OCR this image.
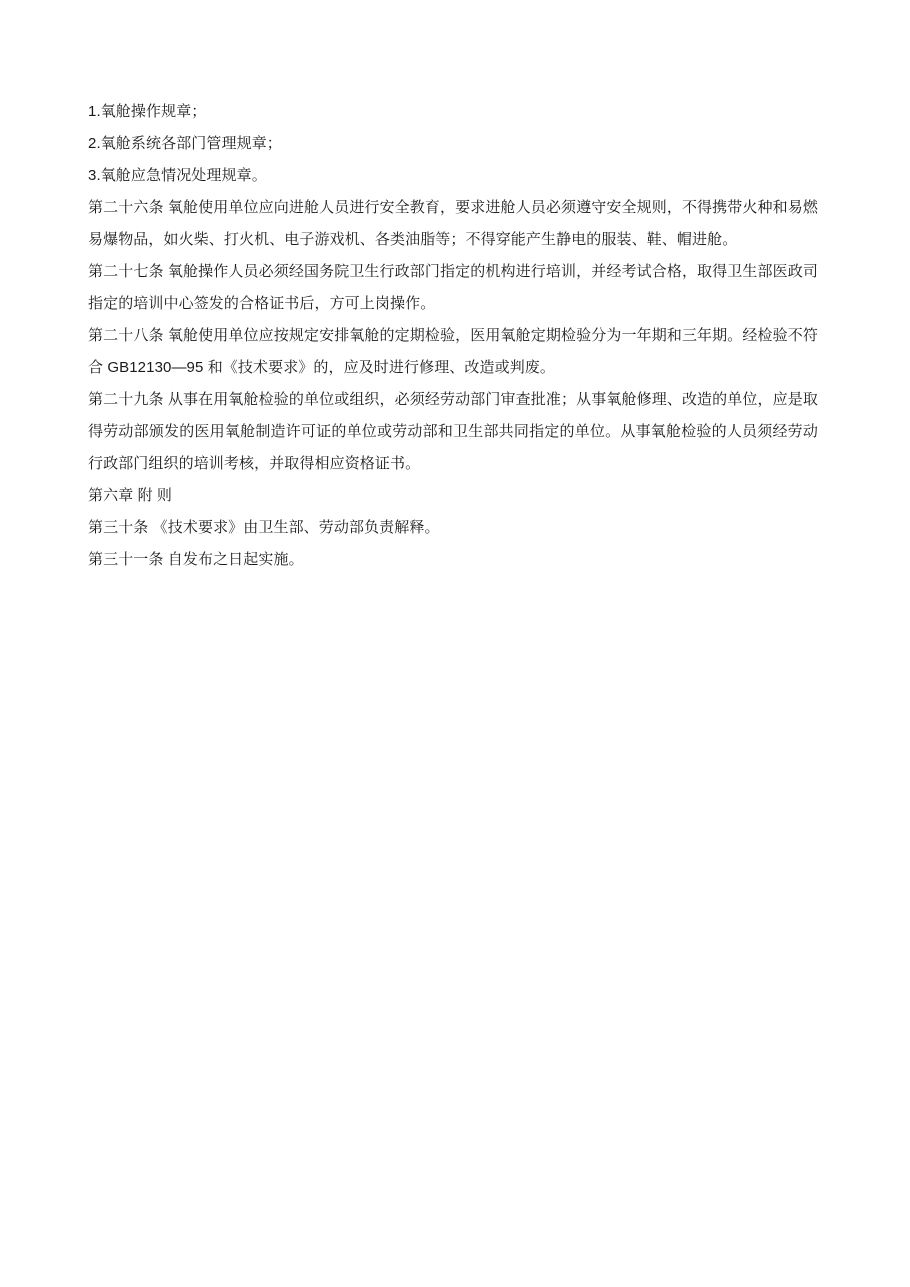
1.氧舱操作规章；

2.氧舱系统各部门管理规章；

3.氧舱应急情况处理规章。

第二十六条 氧舱使用单位应向进舱人员进行安全教育，要求进舱人员必须遵守安全规则，不得携带火种和易燃易爆物品，如火柴、打火机、电子游戏机、各类油脂等；不得穿能产生静电的服装、鞋、帽进舱。

第二十七条 氧舱操作人员必须经国务院卫生行政部门指定的机构进行培训，并经考试合格，取得卫生部医政司指定的培训中心签发的合格证书后，方可上岗操作。

第二十八条 氧舱使用单位应按规定安排氧舱的定期检验，医用氧舱定期检验分为一年期和三年期。经检验不符合 GB12130—95 和《技术要求》的，应及时进行修理、改造或判废。

第二十九条 从事在用氧舱检验的单位或组织，必须经劳动部门审查批准；从事氧舱修理、改造的单位，应是取得劳动部颁发的医用氧舱制造许可证的单位或劳动部和卫生部共同指定的单位。从事氧舱检验的人员须经劳动行政部门组织的培训考核，并取得相应资格证书。

第六章 附 则

第三十条 《技术要求》由卫生部、劳动部负责解释。

第三十一条 自发布之日起实施。
